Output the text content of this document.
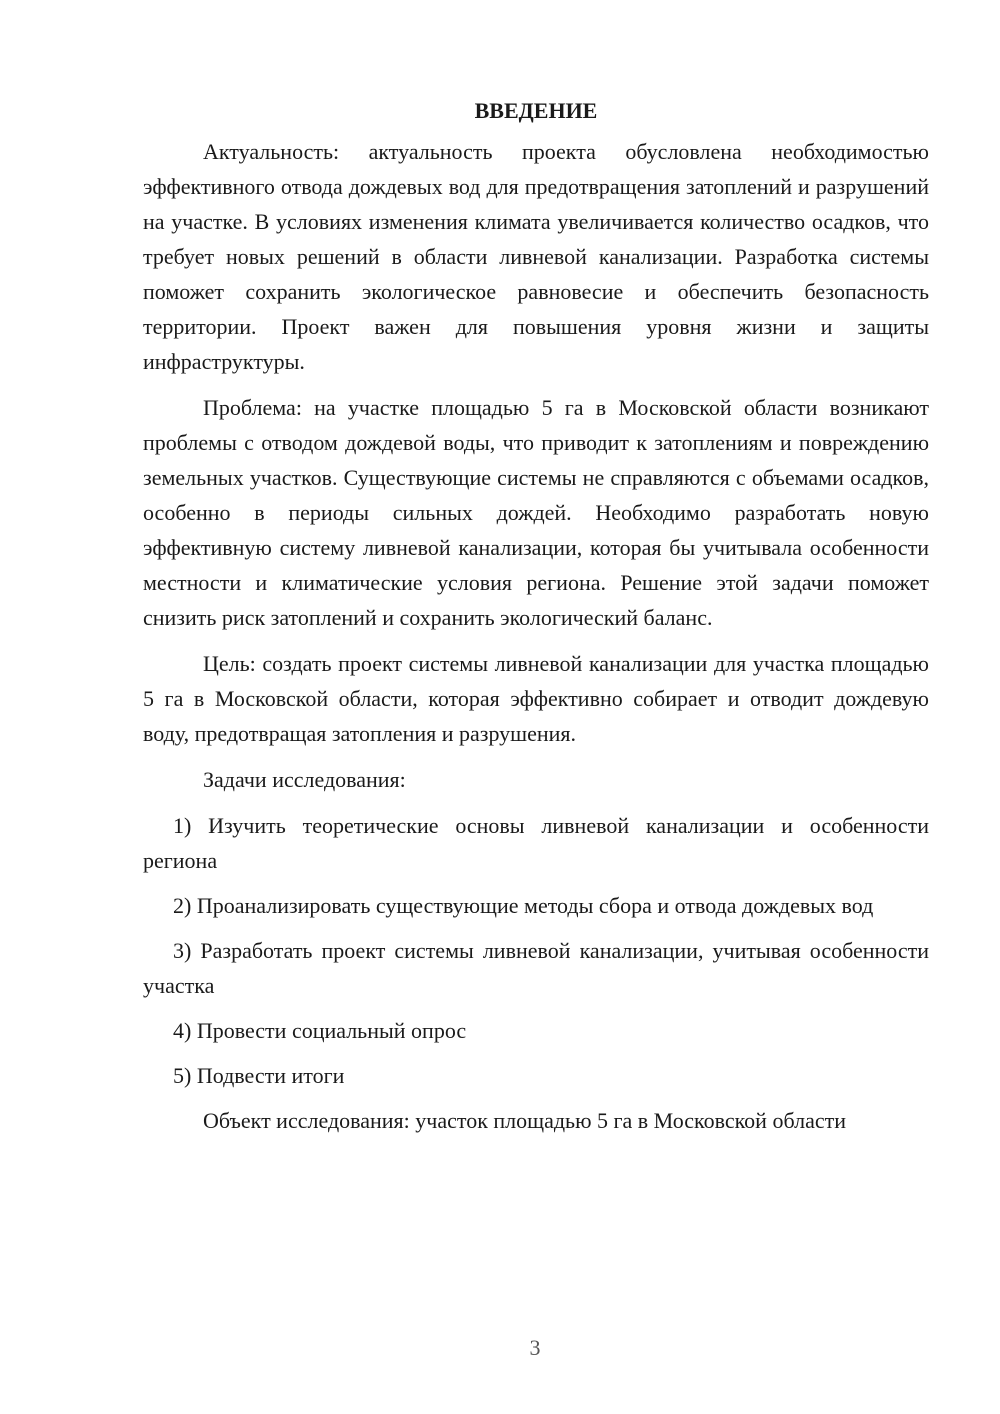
ВВЕДЕНИЕ

Актуальность: актуальность проекта обусловлена необходимостью эффективного отвода дождевых вод для предотвращения затоплений и разрушений на участке. В условиях изменения климата увеличивается количество осадков, что требует новых решений в области ливневой канализации. Разработка системы поможет сохранить экологическое равновесие и обеспечить безопасность территории. Проект важен для повышения уровня жизни и защиты инфраструктуры.

Проблема: на участке площадью 5 га в Московской области возникают проблемы с отводом дождевой воды, что приводит к затоплениям и повреждению земельных участков. Существующие системы не справляются с объемами осадков, особенно в периоды сильных дождей. Необходимо разработать новую эффективную систему ливневой канализации, которая бы учитывала особенности местности и климатические условия региона. Решение этой задачи поможет снизить риск затоплений и сохранить экологический баланс.

Цель: создать проект системы ливневой канализации для участка площадью 5 га в Московской области, которая эффективно собирает и отводит дождевую воду, предотвращая затопления и разрушения.

Задачи исследования:

1) Изучить теоретические основы ливневой канализации и особенности региона

2) Проанализировать существующие методы сбора и отвода дождевых вод

3) Разработать проект системы ливневой канализации, учитывая особенности участка

4) Провести социальный опрос

5) Подвести итоги

Объект исследования: участок площадью 5 га в Московской области

3
